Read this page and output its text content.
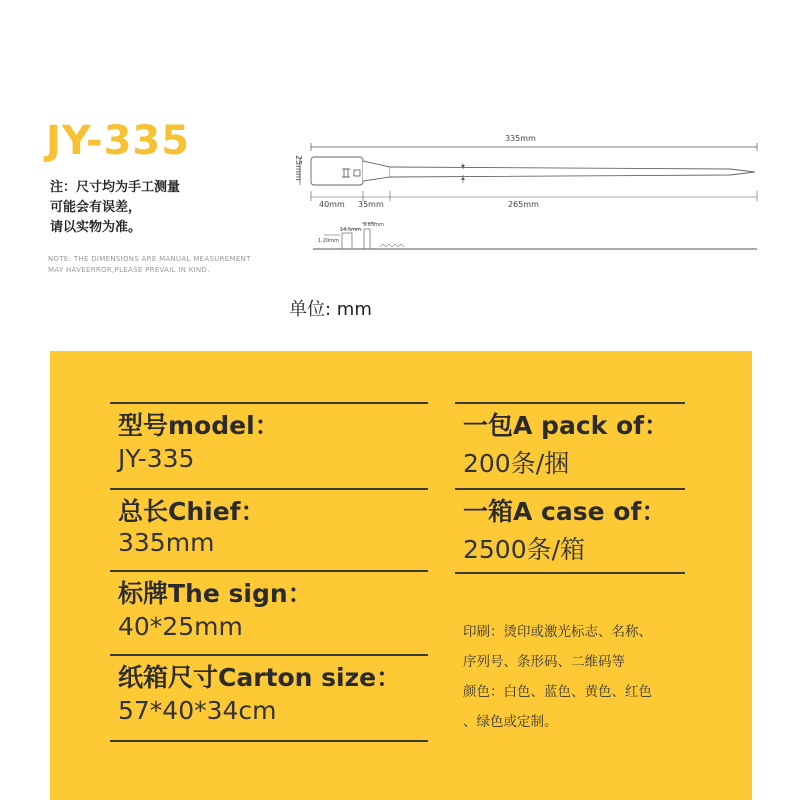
JY-335
注：尺寸均为手工测量
可能会有误差，
请以实物为准。
NOTE: THE DIMENSIONS ARE MANUAL MEASUREMENT
MAY HAVEERROR,PLEASE PREVAIL IN KIND.
335mm
25mm
40mm 35mm	265mm
1.20mm
14.5mm
9.65mm
单位: mm
型号model：
JY-335
总长Chief：
335mm
标牌The sign：
40*25mm
纸箱尺寸Carton size：
57*40*34cm
一包A pack of：
200条/捆
一箱A case of：
2500条/箱
印刷：烫印或激光标志、名称、
序列号、条形码、二维码等
颜色：白色、蓝色、黄色、红色
、绿色或定制。
